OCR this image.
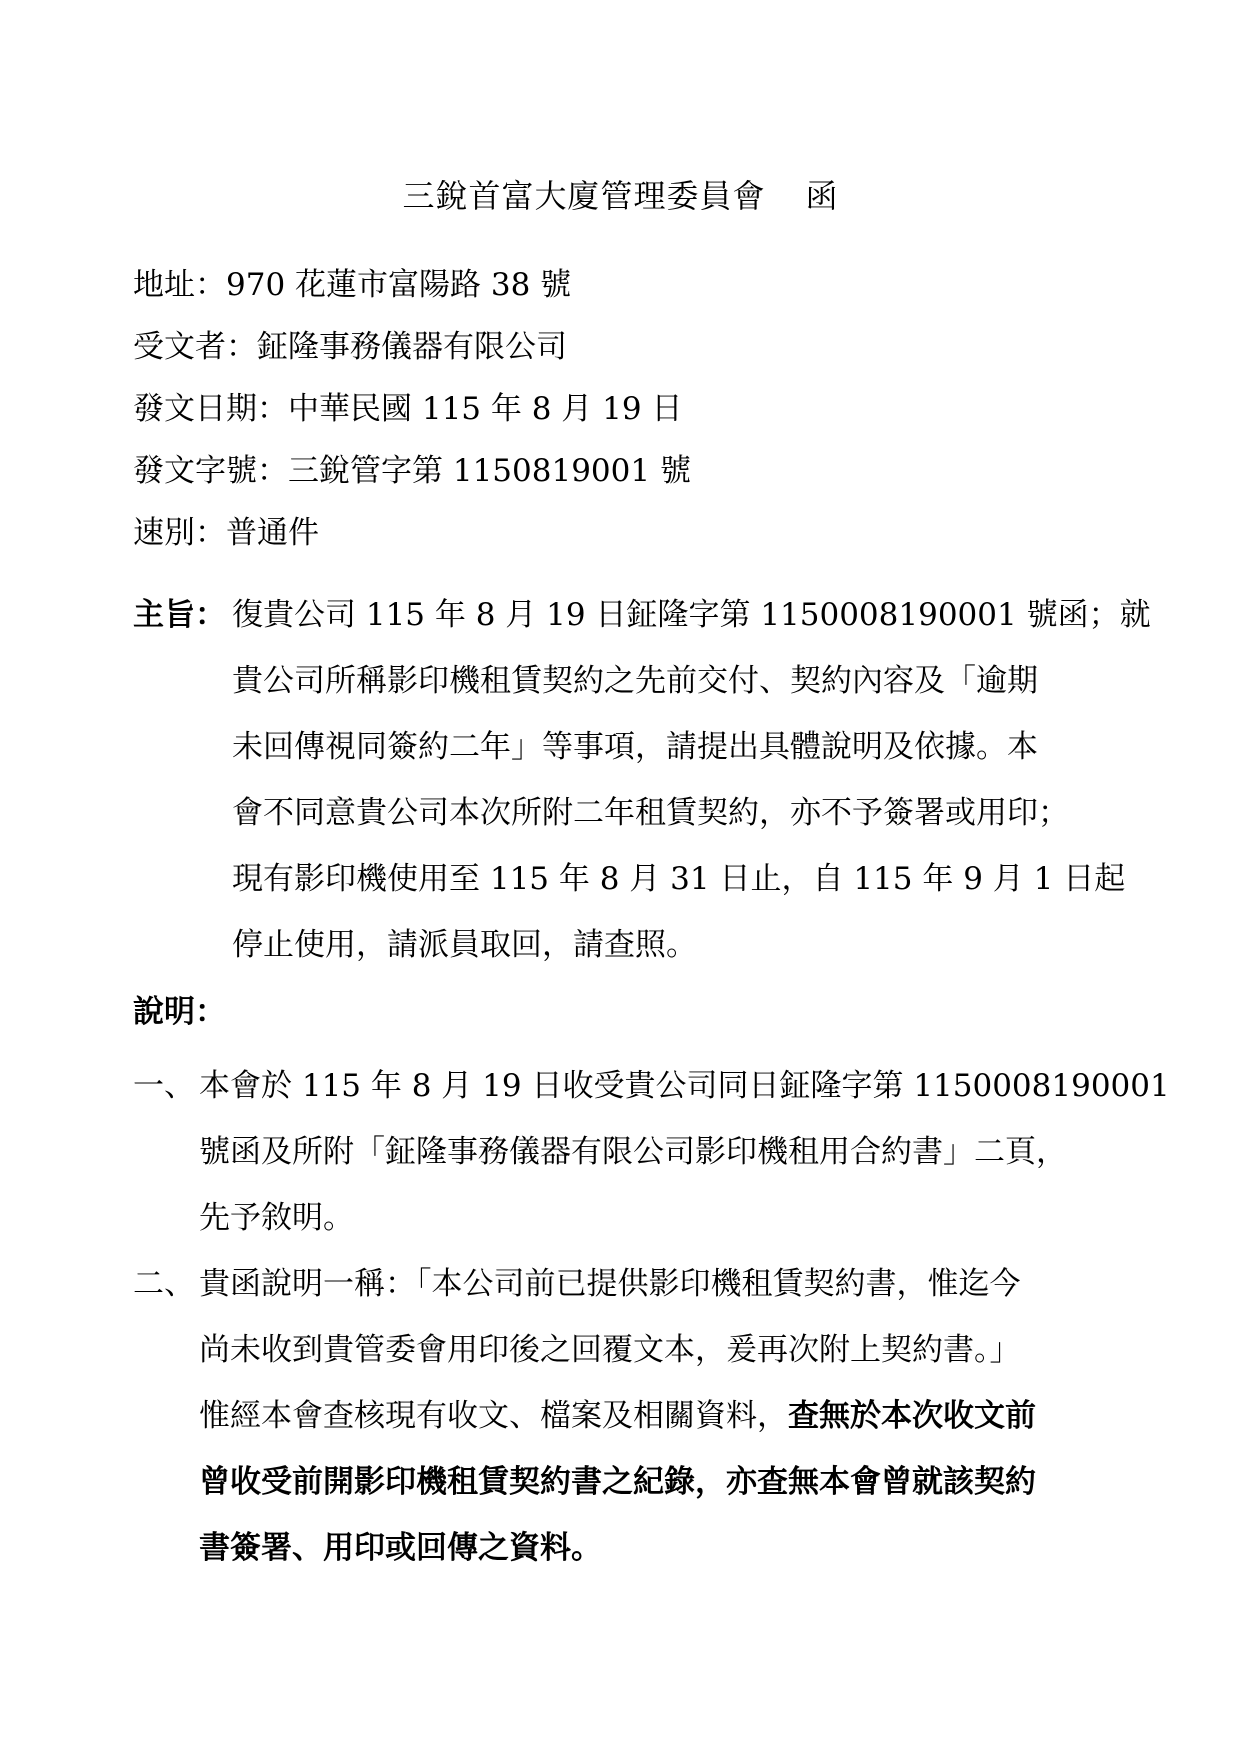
三銳首富大廈管理委員會 函
地址：970 花蓮市富陽路 38 號
受文者：鉦隆事務儀器有限公司
發文日期：中華民國 115 年 8 月 19 日
發文字號：三銳管字第 1150819001 號
速別：普通件
主旨： 復貴公司 115 年 8 月 19 日鉦隆字第 1150008190001 號函；就
貴公司所稱影印機租賃契約之先前交付、契約內容及「逾期
未回傳視同簽約二年」等事項，請提出具體說明及依據。本
會不同意貴公司本次所附二年租賃契約，亦不予簽署或用印；
現有影印機使用至 115 年 8 月 31 日止，自 115 年 9 月 1 日起
停止使用，請派員取回，請查照。
說明：
一、 本會於 115 年 8 月 19 日收受貴公司同日鉦隆字第 1150008190001
號函及所附「鉦隆事務儀器有限公司影印機租用合約書」二頁，
先予敘明。
二、 貴函說明一稱：「本公司前已提供影印機租賃契約書，惟迄今
尚未收到貴管委會用印後之回覆文本，爰再次附上契約書。」
惟經本會查核現有收文、檔案及相關資料，查無於本次收文前
曾收受前開影印機租賃契約書之紀錄，亦查無本會曾就該契約
書簽署、用印或回傳之資料。
